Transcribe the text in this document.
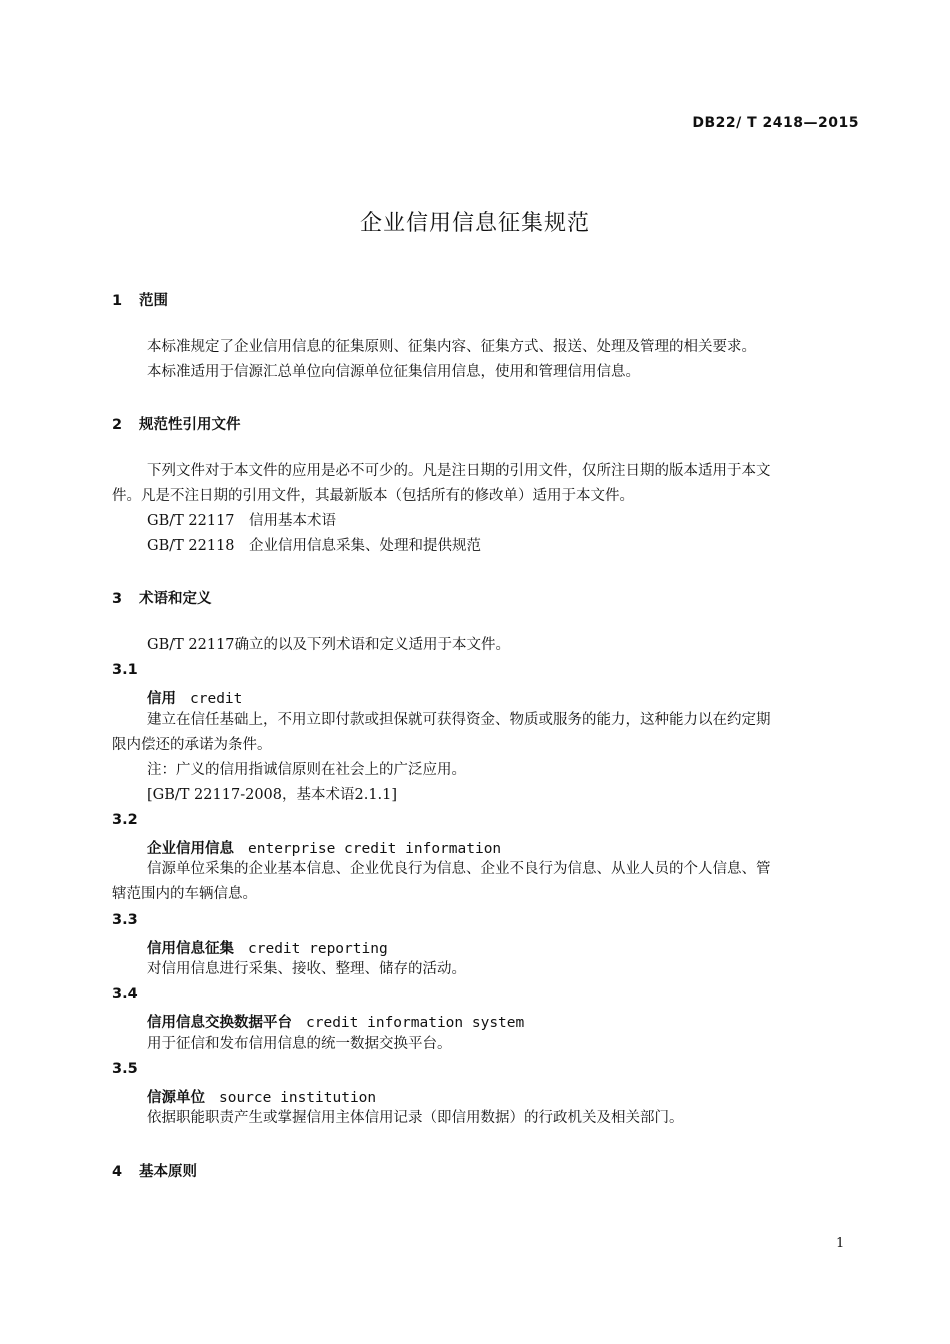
DB22/ T 2418—2015
企业信用信息征集规范
1 范围
本标准规定了企业信用信息的征集原则、征集内容、征集方式、报送、处理及管理的相关要求。
本标准适用于信源汇总单位向信源单位征集信用信息，使用和管理信用信息。
2 规范性引用文件
下列文件对于本文件的应用是必不可少的。凡是注日期的引用文件，仅所注日期的版本适用于本文
件。凡是不注日期的引用文件，其最新版本（包括所有的修改单）适用于本文件。
GB/T 22117 信用基本术语
GB/T 22118 企业信用信息采集、处理和提供规范
3 术语和定义
GB/T 22117确立的以及下列术语和定义适用于本文件。
3.1
信用 credit
建立在信任基础上，不用立即付款或担保就可获得资金、物质或服务的能力，这种能力以在约定期
限内偿还的承诺为条件。
注：广义的信用指诚信原则在社会上的广泛应用。
[GB/T 22117-2008，基本术语2.1.1]
3.2
企业信用信息 enterprise credit information
信源单位采集的企业基本信息、企业优良行为信息、企业不良行为信息、从业人员的个人信息、管
辖范围内的车辆信息。
3.3
信用信息征集 credit reporting
对信用信息进行采集、接收、整理、储存的活动。
3.4
信用信息交换数据平台 credit information system
用于征信和发布信用信息的统一数据交换平台。
3.5
信源单位 source institution
依据职能职责产生或掌握信用主体信用记录（即信用数据）的行政机关及相关部门。
4 基本原则
1
